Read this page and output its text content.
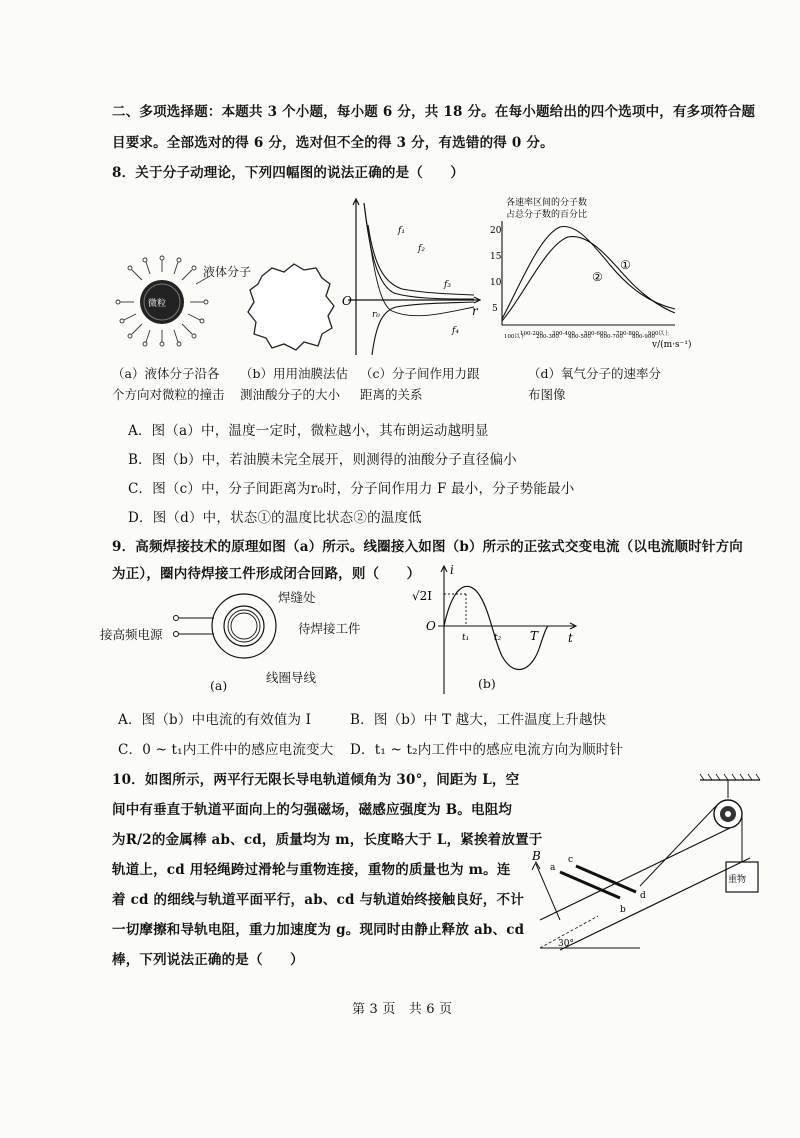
二、多项选择题：本题共 3 个小题，每小题 6 分，共 18 分。在每小题给出的四个选项中，有多项符合题
目要求。全部选对的得 6 分，选对但不全的得 3 分，有选错的得 0 分。
8．关于分子动理论，下列四幅图的说法正确的是（　　）
微粒
液体分子
O
r
r₀
f₁
f₂
f₃
f₄
各速率区间的分子数
占总分子数的百分比
20
15
10
5
①
②
100以下
100-200
200-300
300-400
400-500
500-600
600-700
700-800
800-900
900以上
v/(m·s⁻¹)
（a）液体分子沿各
个方向对微粒的撞击
（b）用用油膜法估
测油酸分子的大小
（c）分子间作用力跟
距离的关系
（d）氧气分子的速率分
布图像
A．图（a）中，温度一定时，微粒越小，其布朗运动越明显
B．图（b）中，若油膜未完全展开，则测得的油酸分子直径偏小
C．图（c）中，分子间距离为r₀时，分子间作用力 F 最小，分子势能最小
D．图（d）中，状态①的温度比状态②的温度低
9．高频焊接技术的原理如图（a）所示。线圈接入如图（b）所示的正弦式交变电流（以电流顺时针方向
为正），圈内待焊接工件形成闭合回路，则（　　）
接高频电源
焊缝处
待焊接工件
线圈导线
(a)
i
t
O
√2I
t₁	t₂ T
(b)
A．图（b）中电流的有效值为 I	B．图（b）中 T 越大，工件温度上升越快
C．0 ~ t₁内工件中的感应电流变大 D．t₁ ~ t₂内工件中的感应电流方向为顺时针
10．如图所示，两平行无限长导电轨道倾角为 30°，间距为 L，空
间中有垂直于轨道平面向上的匀强磁场，磁感应强度为 B。电阻均
为R/2的金属棒 ab、cd，质量均为 m，长度略大于 L，紧挨着放置于
轨道上，cd 用轻绳跨过滑轮与重物连接，重物的质量也为 m。连
着 cd 的细线与轨道平面平行，ab、cd 与轨道始终接触良好，不计
一切摩擦和导轨电阻，重力加速度为 g。现同时由静止释放 ab、cd
棒，下列说法正确的是（　　）
重物
30°
a
b
c
d
B
第 3 页　共 6 页
